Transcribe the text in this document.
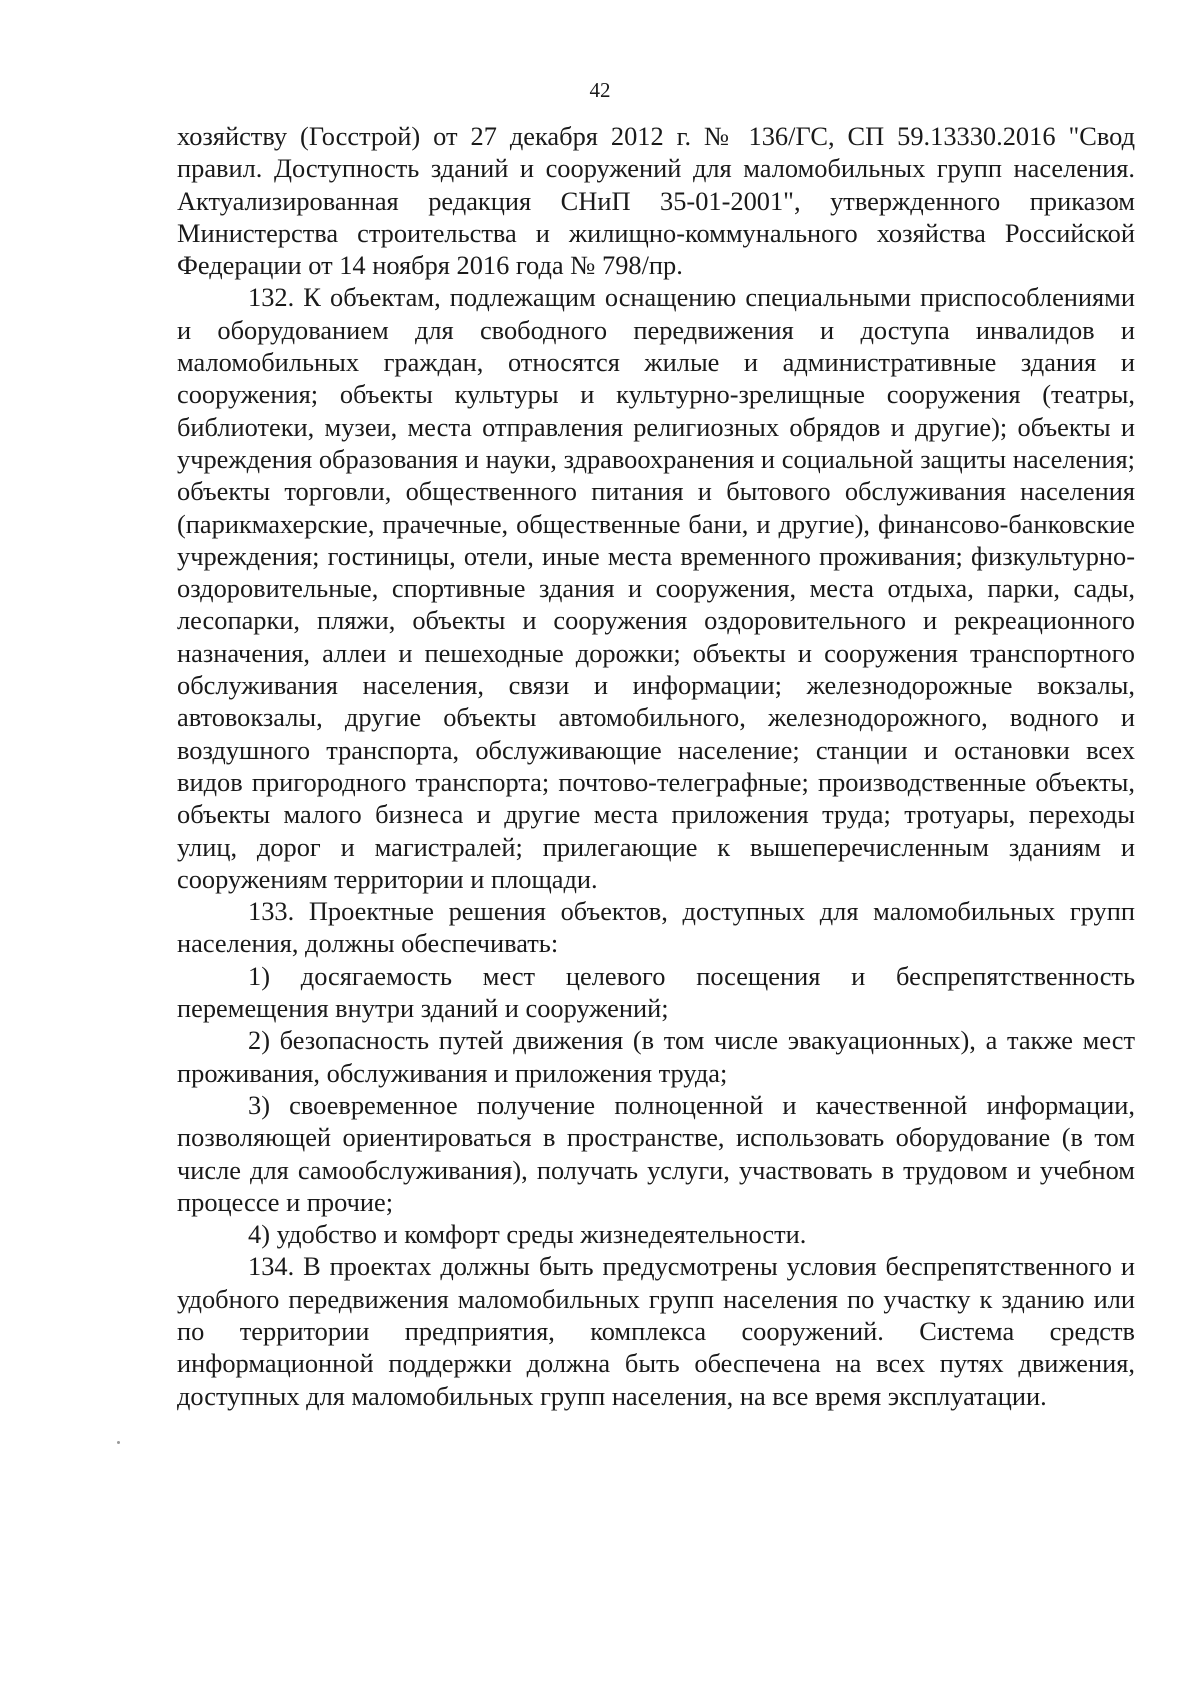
42

хозяйству (Госстрой) от 27 декабря 2012 г. № 136/ГС, СП 59.13330.2016 "Свод правил. Доступность зданий и сооружений для маломобильных групп населения. Актуализированная редакция СНиП 35-01-2001", утвержденного приказом Министерства строительства и жилищно-коммунального хозяйства Российской Федерации от 14 ноября 2016 года № 798/пр.

132. К объектам, подлежащим оснащению специальными приспособлениями и оборудованием для свободного передвижения и доступа инвалидов и маломобильных граждан, относятся жилые и административные здания и сооружения; объекты культуры и культурно-зрелищные сооружения (театры, библиотеки, музеи, места отправления религиозных обрядов и другие); объекты и учреждения образования и науки, здравоохранения и социальной защиты населения; объекты торговли, общественного питания и бытового обслуживания населения (парикмахерские, прачечные, общественные бани, и другие), финансово-банковские учреждения; гостиницы, отели, иные места временного проживания; физкультурно-оздоровительные, спортивные здания и сооружения, места отдыха, парки, сады, лесопарки, пляжи, объекты и сооружения оздоровительного и рекреационного назначения, аллеи и пешеходные дорожки; объекты и сооружения транспортного обслуживания населения, связи и информации; железнодорожные вокзалы, автовокзалы, другие объекты автомобильного, железнодорожного, водного и воздушного транспорта, обслуживающие население; станции и остановки всех видов пригородного транспорта; почтово-телеграфные; производственные объекты, объекты малого бизнеса и другие места приложения труда; тротуары, переходы улиц, дорог и магистралей; прилегающие к вышеперечисленным зданиям и сооружениям территории и площади.

133. Проектные решения объектов, доступных для маломобильных групп населения, должны обеспечивать:

1) досягаемость мест целевого посещения и беспрепятственность перемещения внутри зданий и сооружений;

2) безопасность путей движения (в том числе эвакуационных), а также мест проживания, обслуживания и приложения труда;

3) своевременное получение полноценной и качественной информации, позволяющей ориентироваться в пространстве, использовать оборудование (в том числе для самообслуживания), получать услуги, участвовать в трудовом и учебном процессе и прочие;

4) удобство и комфорт среды жизнедеятельности.

134. В проектах должны быть предусмотрены условия беспрепятственного и удобного передвижения маломобильных групп населения по участку к зданию или по территории предприятия, комплекса сооружений. Система средств информационной поддержки должна быть обеспечена на всех путях движения, доступных для маломобильных групп населения, на все время эксплуатации.
